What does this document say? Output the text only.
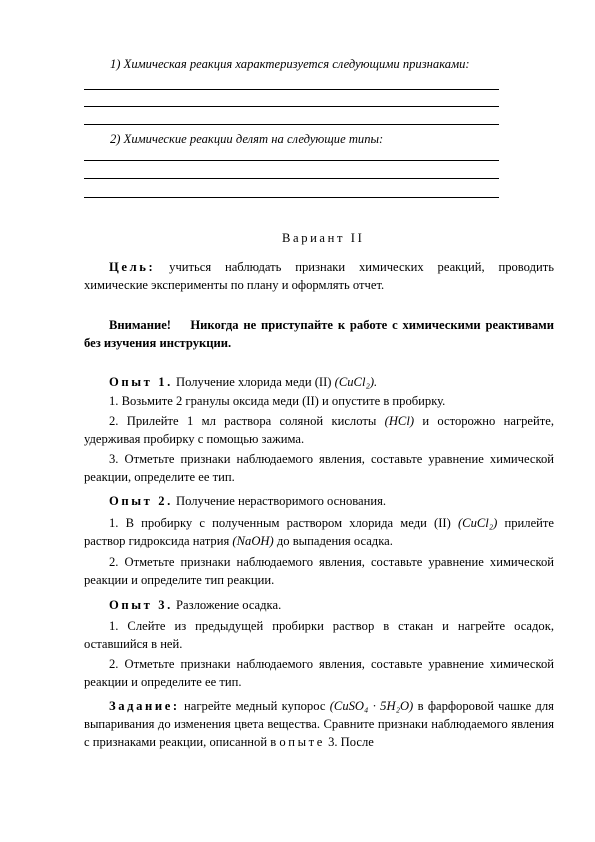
1) Химическая реакция характеризуется следующими признаками:
2) Химические реакции делят на следующие типы:
Вариант II
Цель: учиться наблюдать признаки химических реакций, проводить химические эксперименты по плану и оформлять отчет.
Внимание! Никогда не приступайте к работе с химическими реактивами без изучения инструкции.
Опыт 1. Получение хлорида меди (II) (CuCl₂).
1. Возьмите 2 гранулы оксида меди (II) и опустите в пробирку.
2. Прилейте 1 мл раствора соляной кислоты (HCl) и осторожно нагрейте, удерживая пробирку с помощью зажима.
3. Отметьте признаки наблюдаемого явления, составьте уравнение химической реакции, определите ее тип.
Опыт 2. Получение нерастворимого основания.
1. В пробирку с полученным раствором хлорида меди (II) (CuCl₂) прилейте раствор гидроксида натрия (NaOH) до выпадения осадка.
2. Отметьте признаки наблюдаемого явления, составьте уравнение химической реакции и определите тип реакции.
Опыт 3. Разложение осадка.
1. Слейте из предыдущей пробирки раствор в стакан и нагрейте осадок, оставшийся в ней.
2. Отметьте признаки наблюдаемого явления, составьте уравнение химической реакции и определите ее тип.
Задание: нагрейте медный купорос (CuSO₄ · 5H₂O) в фарфоровой чашке для выпаривания до изменения цвета вещества. Сравните признаки наблюдаемого явления с признаками реакции, описанной в опыте 3. После
